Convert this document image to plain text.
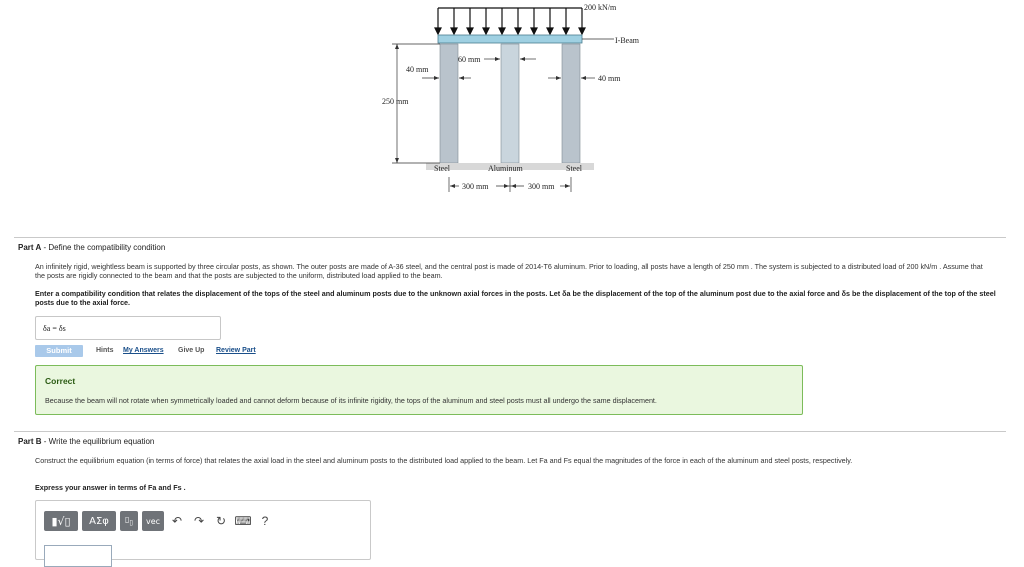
200 kN/m
I-Beam
60 mm
40 mm
40 mm
250 mm
Steel	Aluminum	Steel
300 mm	300 mm
Part A - Define the compatibility condition
An infinitely rigid, weightless beam is supported by three circular posts, as shown. The outer posts are made of A-36 steel, and the central post is made of 2014-T6 aluminum. Prior to loading, all posts have a length of 250 mm . The system is subjected to a distributed load of 200 kN/m . Assume that the posts are rigidly connected to the beam and that the posts are subjected to the uniform, distributed load applied to the beam.
Enter a compatibility condition that relates the displacement of the tops of the steel and aluminum posts due to the unknown axial forces in the posts. Let δa be the displacement of the top of the aluminum post due to the axial force and δs be the displacement of the top of the steel posts due to the axial force.
δa = δs
Submit	Hints My Answers Give Up Review Part
Correct
Because the beam will not rotate when symmetrically loaded and cannot deform because of its infinite rigidity, the tops of the aluminum and steel posts must all undergo the same displacement.
Part B - Write the equilibrium equation
Construct the equilibrium equation (in terms of force) that relates the axial load in the steel and aluminum posts to the distributed load applied to the beam. Let Fa and Fs equal the magnitudes of the force in each of the aluminum and steel posts, respectively.
Express your answer in terms of Fa and Fs .
▮√▯	ΑΣφ	$▯_▯$	vec ↶ ↷ ↻ ⌨ ?
